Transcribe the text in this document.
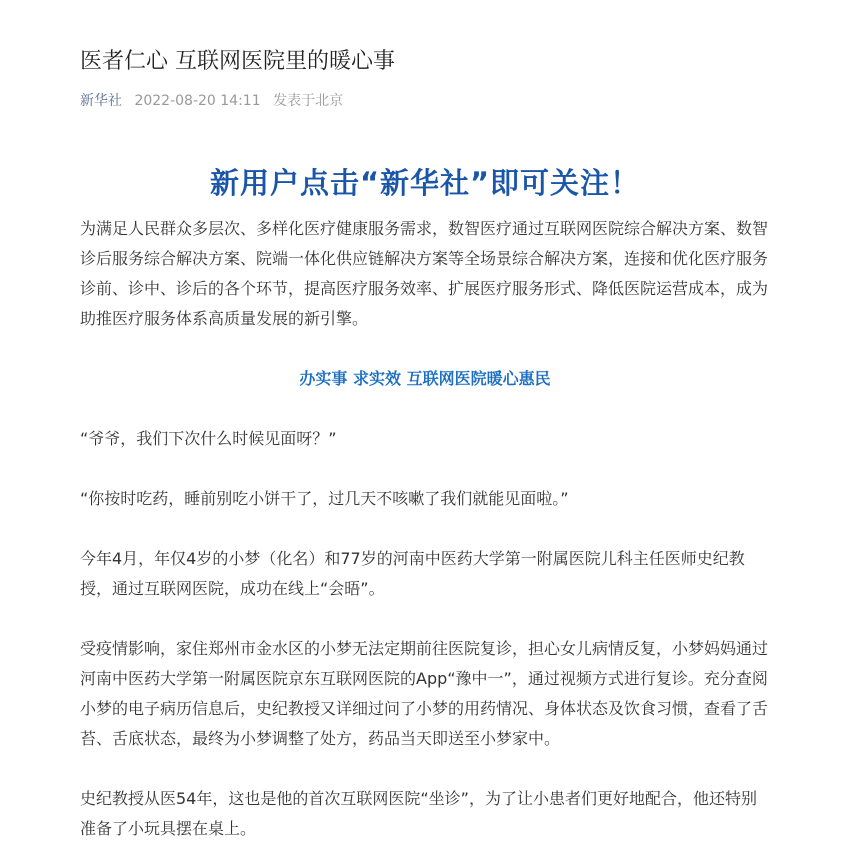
医者仁心 互联网医院里的暖心事
新华社 2022-08-20 14:11 发表于北京
新用户点击“新华社”即可关注！

为满足人民群众多层次、多样化医疗健康服务需求，数智医疗通过互联网医院综合解决方案、数智诊后服务综合解决方案、院端一体化供应链解决方案等全场景综合解决方案，连接和优化医疗服务诊前、诊中、诊后的各个环节，提高医疗服务效率、扩展医疗服务形式、降低医院运营成本，成为助推医疗服务体系高质量发展的新引擎。

办实事 求实效 互联网医院暖心惠民

“爷爷，我们下次什么时候见面呀？”

“你按时吃药，睡前别吃小饼干了，过几天不咳嗽了我们就能见面啦。”

今年4月，年仅4岁的小梦（化名）和77岁的河南中医药大学第一附属医院儿科主任医师史纪教授，通过互联网医院，成功在线上“会晤”。

受疫情影响，家住郑州市金水区的小梦无法定期前往医院复诊，担心女儿病情反复，小梦妈妈通过河南中医药大学第一附属医院京东互联网医院的App“豫中一”，通过视频方式进行复诊。充分查阅小梦的电子病历信息后，史纪教授又详细过问了小梦的用药情况、身体状态及饮食习惯，查看了舌苔、舌底状态，最终为小梦调整了处方，药品当天即送至小梦家中。

史纪教授从医54年，这也是他的首次互联网医院“坐诊”，为了让小患者们更好地配合，他还特别准备了小玩具摆在桌上。
